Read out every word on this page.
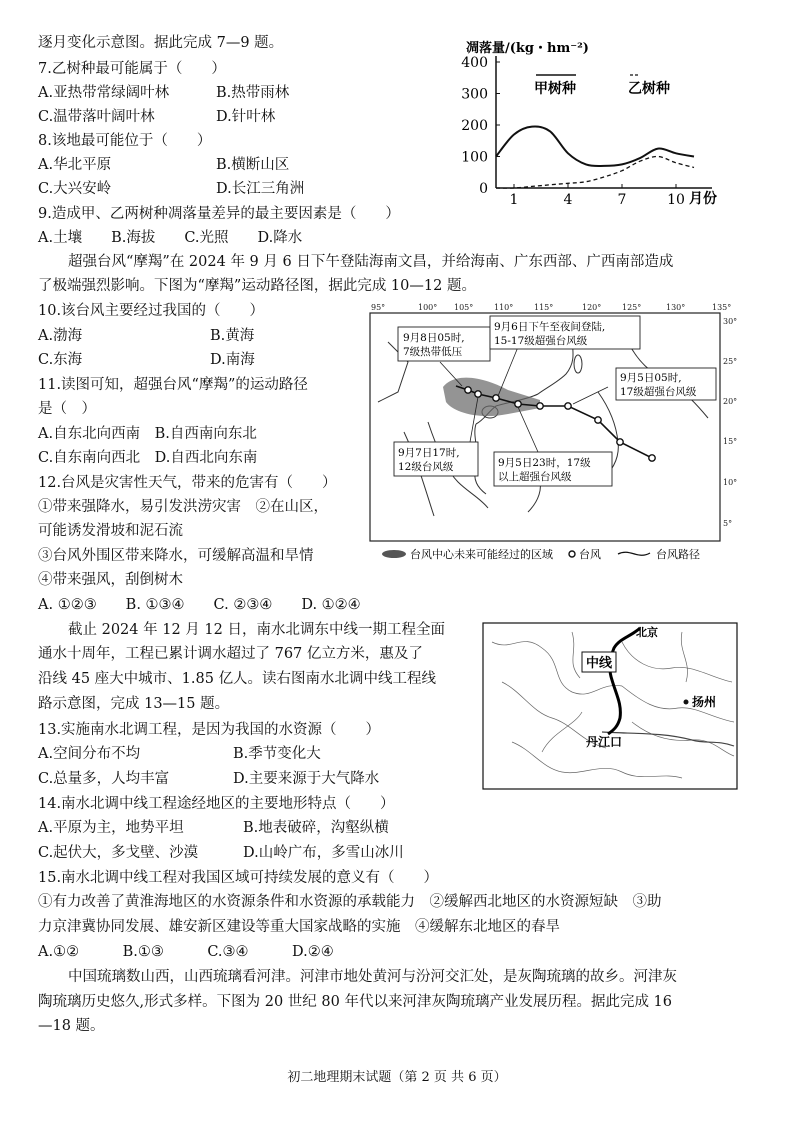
逐月变化示意图。据此完成 7—9 题。
7.乙树种最可能属于（　　）
A.亚热带常绿阔叶林	B.热带雨林
C.温带落叶阔叶林	D.针叶林
8.该地最可能位于（　　）
A.华北平原	B.横断山区
C.大兴安岭	D.长江三角洲
9.造成甲、乙两树种凋落量差异的最主要因素是（　　）
A.土壤　　B.海拔　　C.光照　　D.降水
超强台风“摩羯”在 2024 年 9 月 6 日下午登陆海南文昌，并给海南、广东西部、广西南部造成
了极端强烈影响。下图为“摩羯”运动路径图，据此完成 10—12 题。
10.该台风主要经过我国的（　　）
A.渤海	B.黄海
C.东海	D.南海
11.读图可知，超强台风“摩羯”的运动路径
是（　）
A.自东北向西南　B.自西南向东北
C.自东南向西北　D.自西北向东南
12.台风是灾害性天气，带来的危害有（　　）
①带来强降水，易引发洪涝灾害　②在山区，
可能诱发滑坡和泥石流
③台风外围区带来降水，可缓解高温和旱情
④带来强风，刮倒树木
A. ①②③　　B. ①③④　　C. ②③④　　D. ①②④
截止 2024 年 12 月 12 日，南水北调东中线一期工程全面
通水十周年，工程已累计调水超过了 767 亿立方米，惠及了
沿线 45 座大中城市、1.85 亿人。读右图南水北调中线工程线
路示意图，完成 13—15 题。
13.实施南水北调工程，是因为我国的水资源（　　）
A.空间分布不均	B.季节变化大
C.总量多，人均丰富	D.主要来源于大气降水
14.南水北调中线工程途经地区的主要地形特点（　　）
A.平原为主，地势平坦	B.地表破碎，沟壑纵横
C.起伏大，多戈壁、沙漠	D.山岭广布，多雪山冰川
15.南水北调中线工程对我国区域可持续发展的意义有（　　）
①有力改善了黄淮海地区的水资源条件和水资源的承载能力　②缓解西北地区的水资源短缺　③助
力京津冀协同发展、雄安新区建设等重大国家战略的实施　④缓解东北地区的春旱
A.①②　　　B.①③　　　C.③④　　　D.②④
中国琉璃数山西，山西琉璃看河津。河津市地处黄河与汾河交汇处，是灰陶琉璃的故乡。河津灰
陶琉璃历史悠久,形式多样。下图为 20 世纪 80 年代以来河津灰陶琉璃产业发展历程。据此完成 16
—18 题。
初二地理期末试题（第 2 页 共 6 页）
凋落量/(kg・hm⁻²)
0
100
200
300
400
1	4	7	10
甲树种	乙树种
月份
95°	100° 105°	110°	115°	120°	125°	130°	135°
30°
25°
20°
15°
10°
5°
9月8日05时,
7级热带低压
9月6日下午至夜间登陆,
15-17级超强台风级
9月5日05时,
17级超强台风级
9月7日17时,
12级台风级	9月5日23时，17级
以上超强台风级
台风中心未来可能经过的区域 台风	台风路径
北京
中线
扬州
丹江口
